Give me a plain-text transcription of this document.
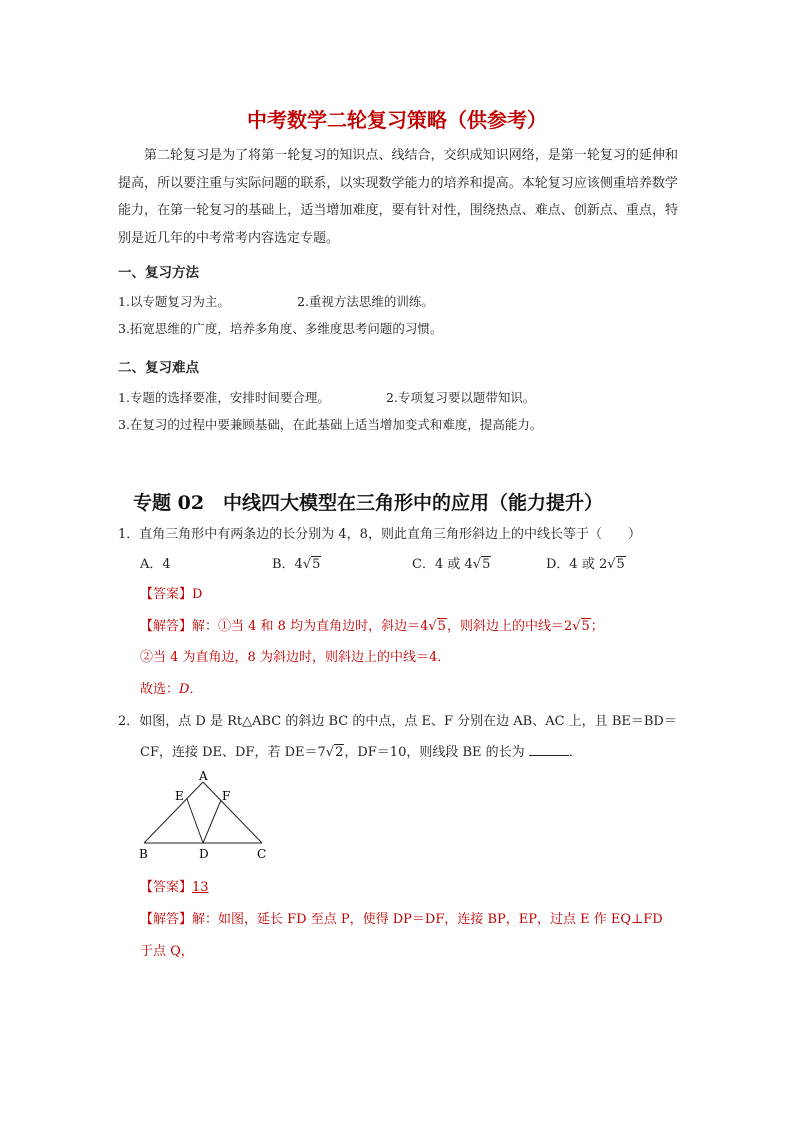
中考数学二轮复习策略（供参考）
第二轮复习是为了将第一轮复习的知识点、线结合，交织成知识网络，是第一轮复习的延伸和提高，所以要注重与实际问题的联系，以实现数学能力的培养和提高。本轮复习应该侧重培养数学能力，在第一轮复习的基础上，适当增加难度，要有针对性，围绕热点、难点、创新点、重点，特别是近几年的中考常考内容选定专题。
一、复习方法
1.以专题复习为主。	2.重视方法思维的训练。
3.拓宽思维的广度，培养多角度、多维度思考问题的习惯。
二、复习难点
1.专题的选择要准，安排时间要合理。	2.专项复习要以题带知识。
3.在复习的过程中要兼顾基础，在此基础上适当增加变式和难度，提高能力。
专题 02　中线四大模型在三角形中的应用（能力提升）
1．直角三角形中有两条边的长分别为 4，8，则此直角三角形斜边上的中线长等于（　　）
A．4	B．4√5	C．4 或 4√5	D．4 或 2√5
【答案】D
【解答】解：①当 4 和 8 均为直角边时，斜边＝4√5，则斜边上的中线＝2√5；
②当 4 为直角边，8 为斜边时，则斜边上的中线＝4．
故选：D．
2．如图，点 D 是 Rt△ABC 的斜边 BC 的中点，点 E、F 分别在边 AB、AC 上，且 BE＝BD＝
CF，连接 DE、DF，若 DE＝7√2，DF＝10，则线段 BE 的长为	．
A
E	F
B	D	C
【答案】13
【解答】解：如图，延长 FD 至点 P，使得 DP＝DF，连接 BP，EP，过点 E 作 EQ⊥FD
于点 Q，
